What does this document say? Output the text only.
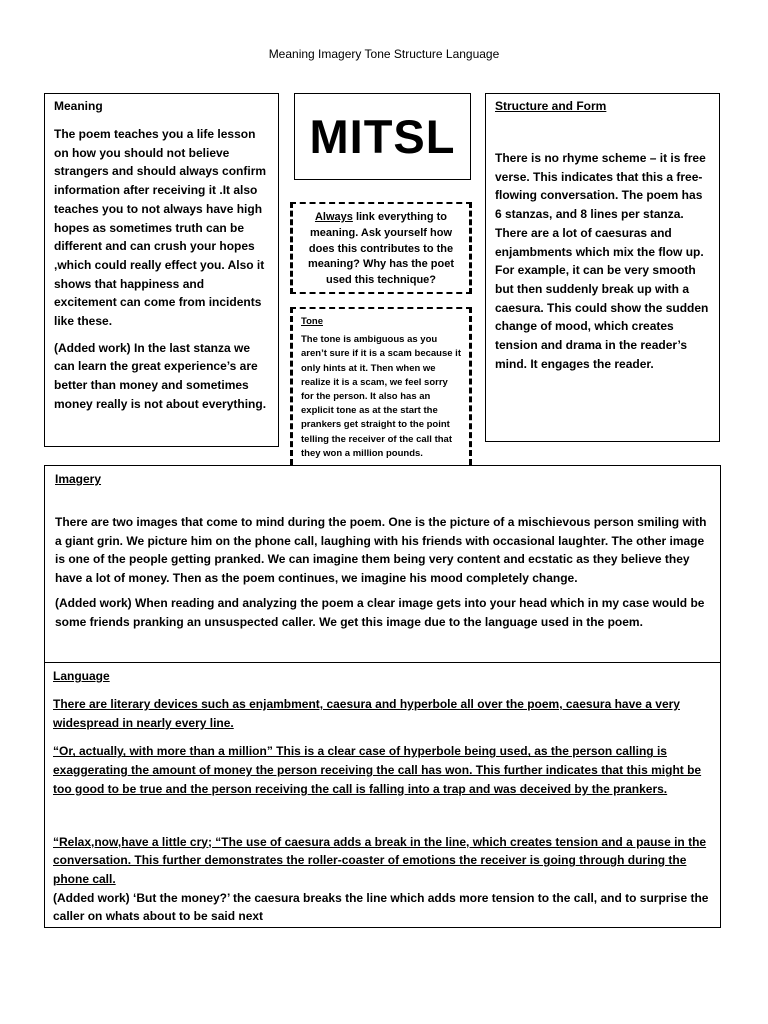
Meaning Imagery Tone Structure Language
Meaning

The poem teaches you a life lesson on how you should not believe strangers and should always confirm information after receiving it .It also teaches you to not always have high hopes as sometimes truth can be different and can crush your hopes ,which could really effect you. Also it shows that happiness and excitement can come from incidents like these.

(Added work) In the last stanza we can learn the great experience’s are better than money and sometimes money really is not about everything.

MITSL
Always link everything to meaning. Ask yourself how does this contributes to the meaning? Why has the poet used this technique?
Tone

The tone is ambiguous as you aren’t sure if it is a scam because it only hints at it. Then when we realize it is a scam, we feel sorry for the person. It also has an explicit tone as at the start the prankers get straight to the point telling the receiver of the call that they won a million pounds.

Structure and Form

There is no rhyme scheme – it is free verse. This indicates that this a free-flowing conversation. The poem has 6 stanzas, and 8 lines per stanza. There are a lot of caesuras and enjambments which mix the flow up. For example, it can be very smooth but then suddenly break up with a caesura. This could show the sudden change of mood, which creates tension and drama in the reader’s mind. It engages the reader.

Imagery

There are two images that come to mind during the poem. One is the picture of a mischievous person smiling with a giant grin. We picture him on the phone call, laughing with his friends with occasional laughter. The other image is one of the people getting pranked. We can imagine them being very content and ecstatic as they believe they have a lot of money. Then as the poem continues, we imagine his mood completely change.

(Added work) When reading and analyzing the poem a clear image gets into your head which in my case would be some friends pranking an unsuspected caller. We get this image due to the language used in the poem.

Language

There are literary devices such as enjambment, caesura and hyperbole all over the poem, caesura have a very widespread in nearly every line.

“Or, actually, with more than a million” This is a clear case of hyperbole being used, as the person calling is exaggerating the amount of money the person receiving the call has won. This further indicates that this might be too good to be true and the person receiving the call is falling into a trap and was deceived by the prankers.

“Relax,now,have a little cry; “The use of caesura adds a break in the line, which creates tension and a pause in the conversation. This further demonstrates the roller-coaster of emotions the receiver is going through during the phone call.

(Added work) ‘But the money?’ the caesura breaks the line which adds more tension to the call, and to surprise the caller on whats about to be said next
